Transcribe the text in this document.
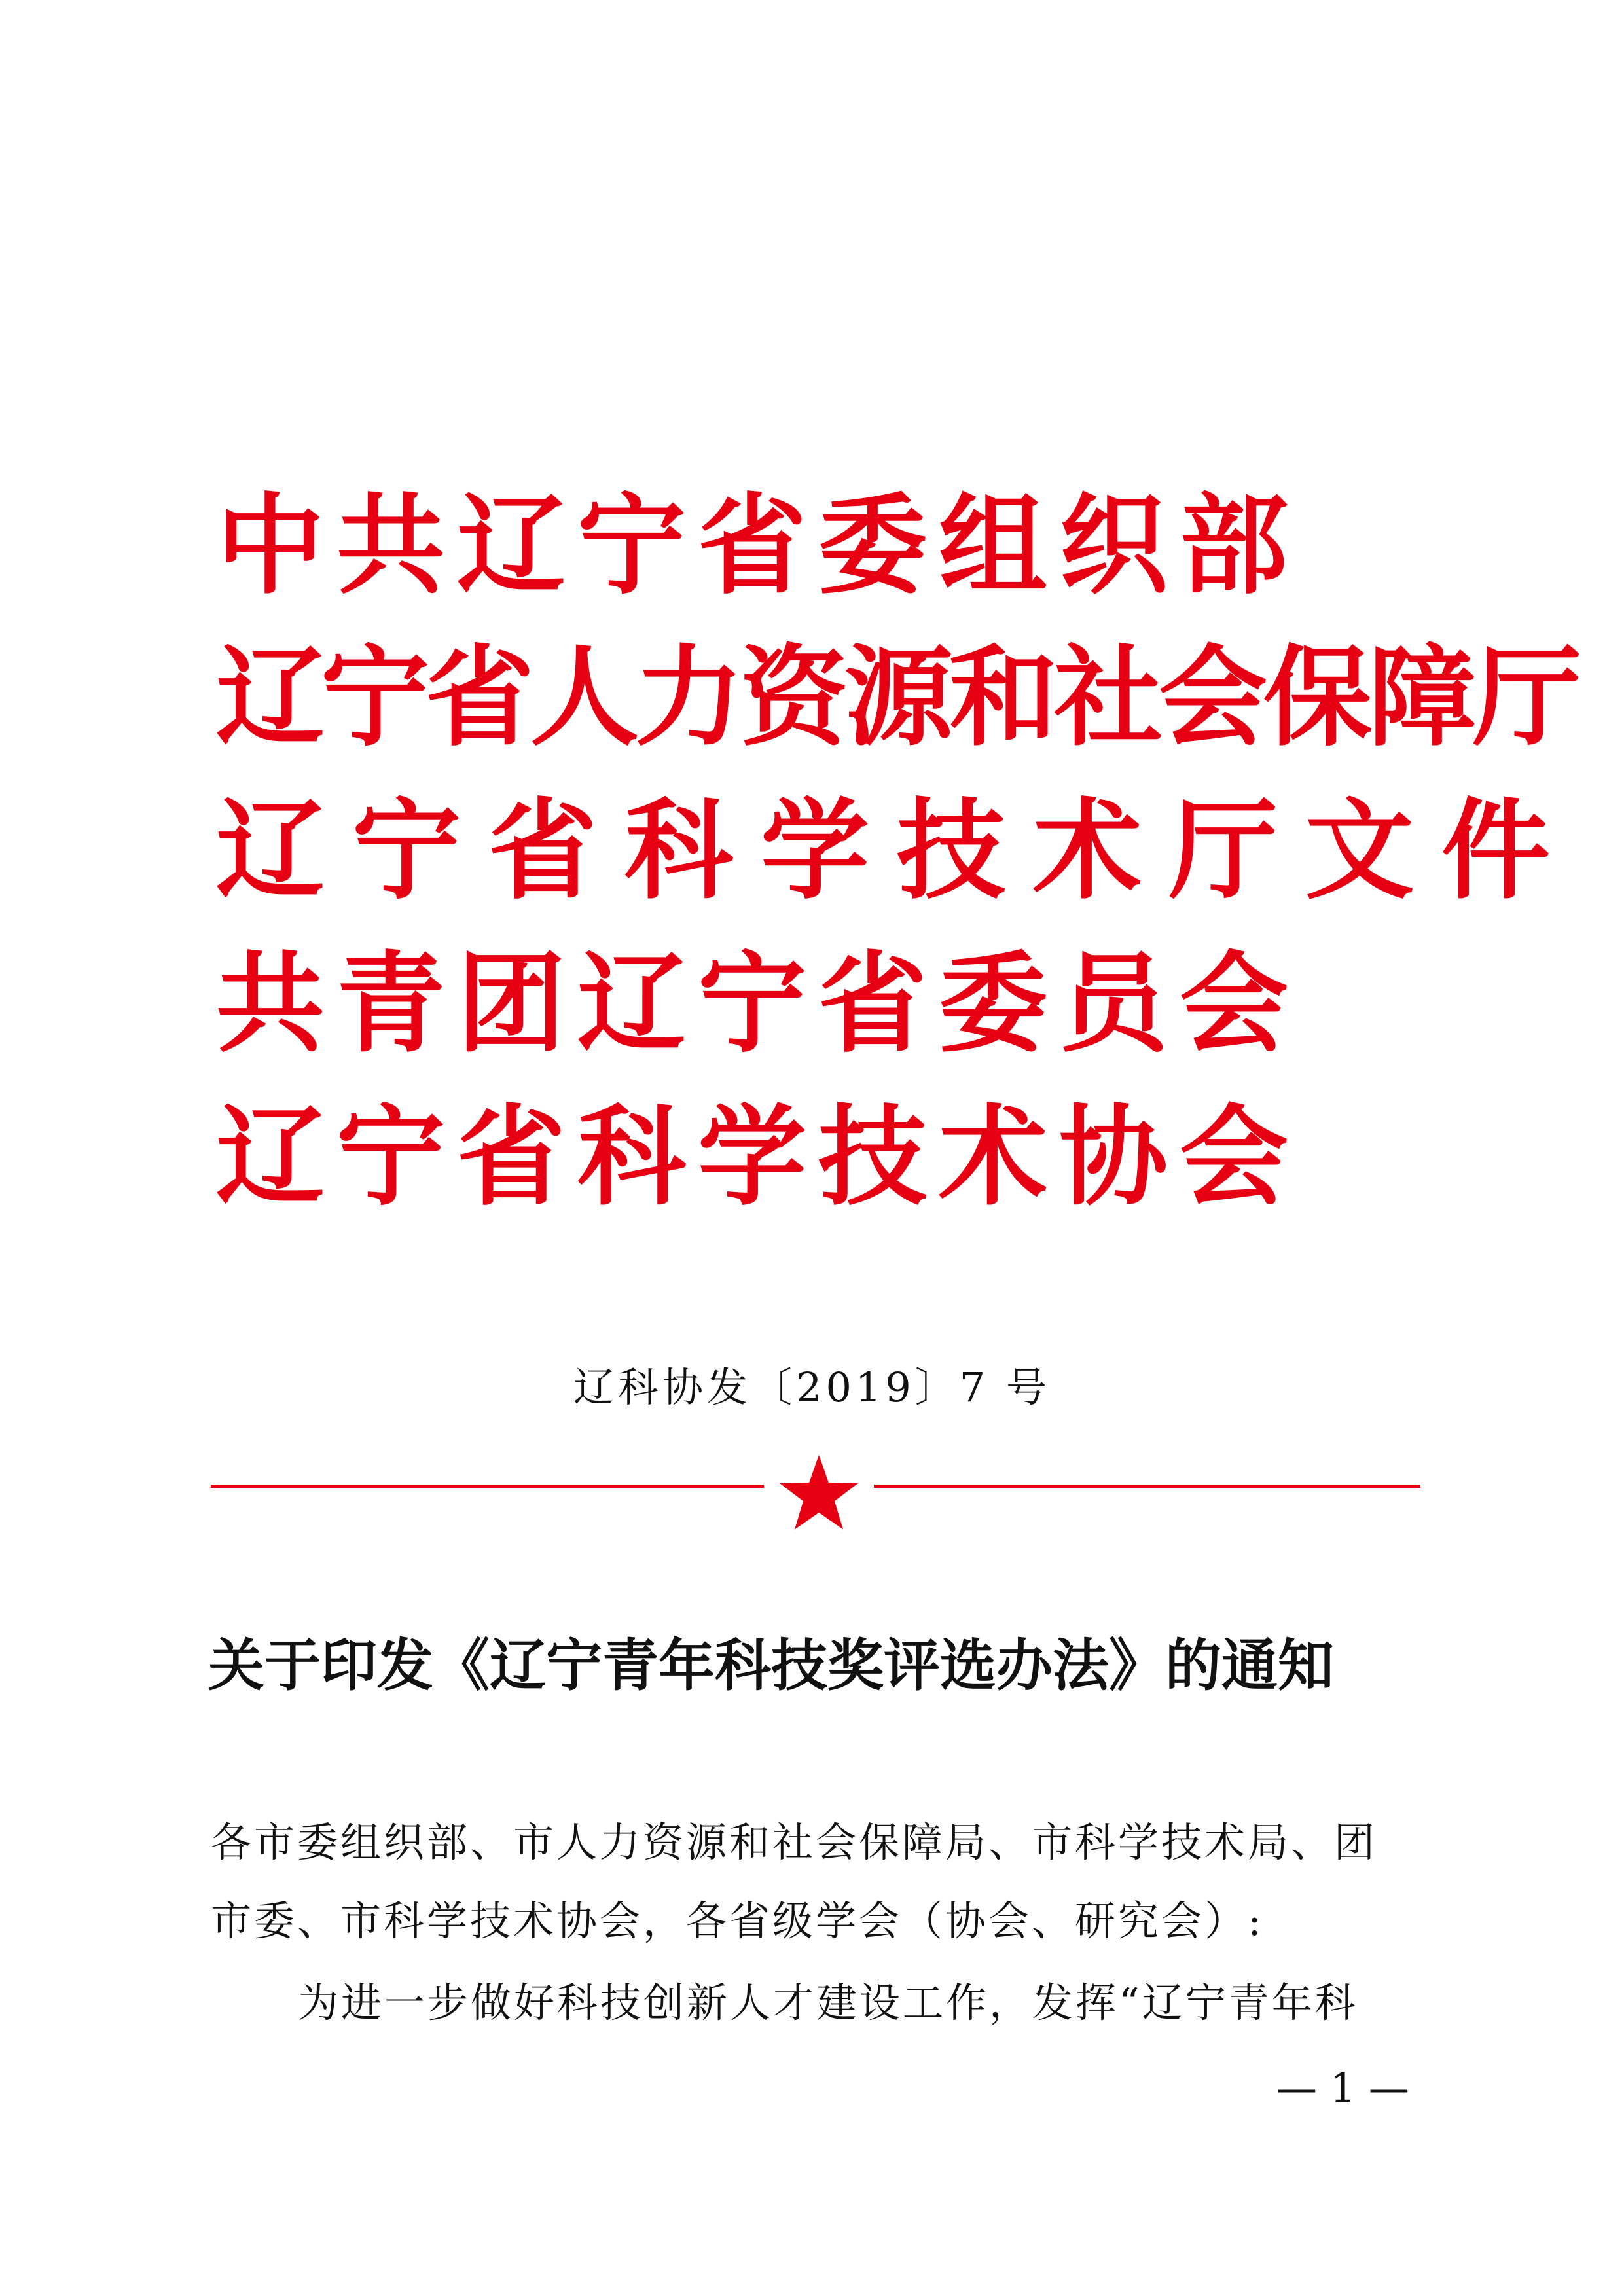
中共辽宁省委组织部
辽宁省人力资源和社会保障厅
辽宁省科学技术厅文件
共青团辽宁省委员会
辽宁省科学技术协会
辽科协发〔2019〕7 号
关于印发《辽宁青年科技奖评选办法》的通知
各市委组织部、市人力资源和社会保障局、市科学技术局、团
市委、市科学技术协会，各省级学会（协会、研究会）:
为进一步做好科技创新人才建设工作，发挥“辽宁青年科
— 1 —
